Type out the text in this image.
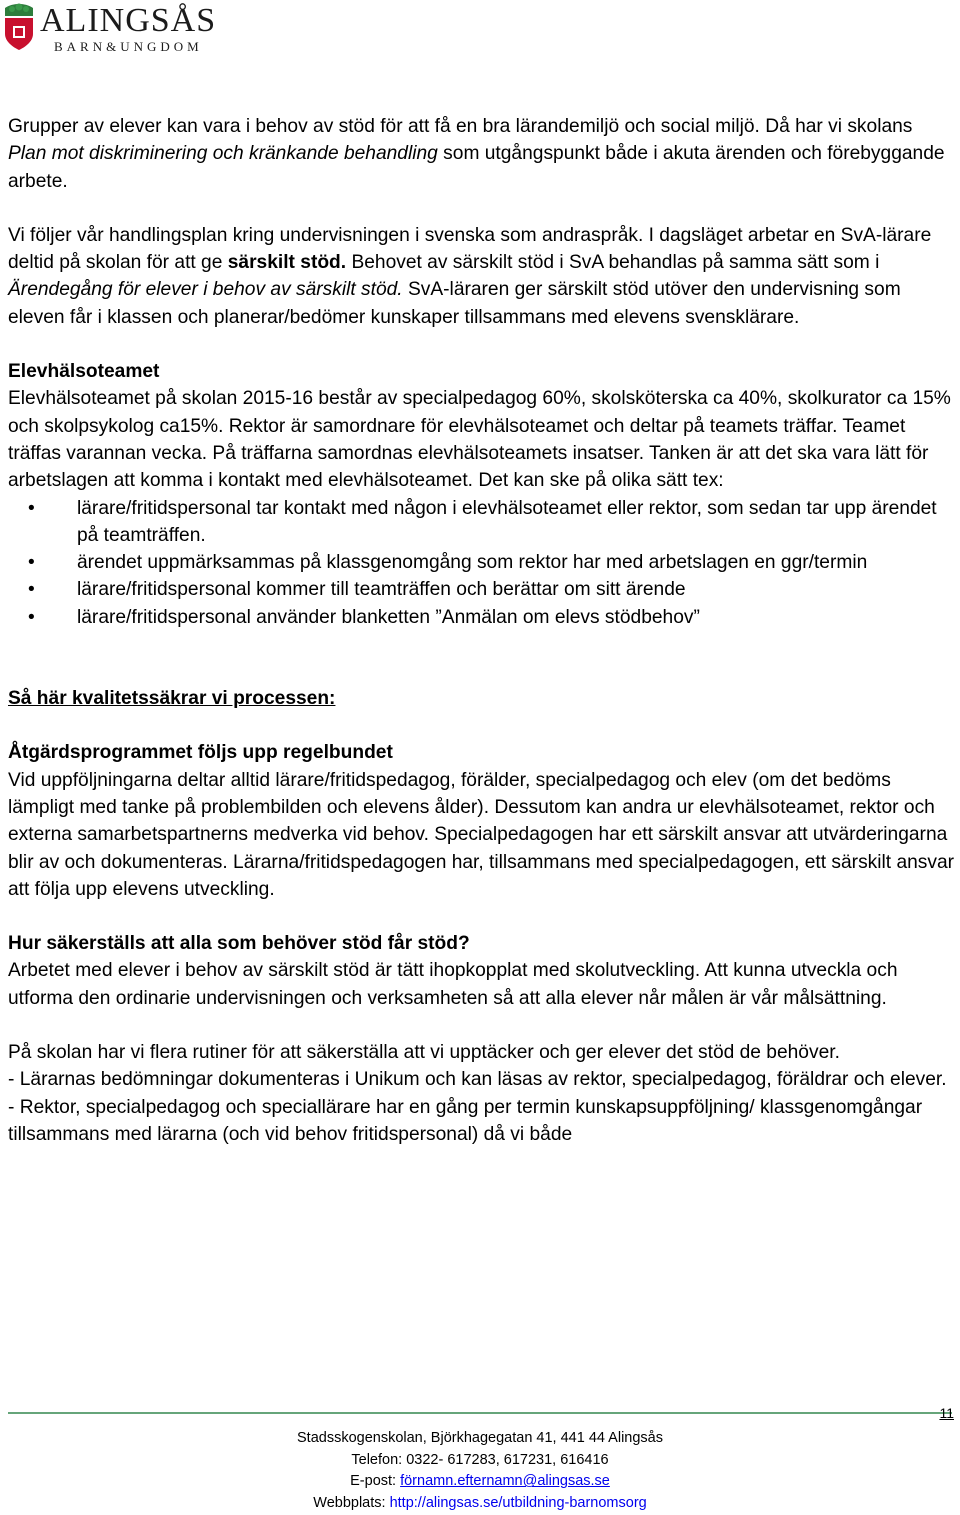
ALINGSÅS
BARN&UNGDOM

Grupper av elever kan vara i behov av stöd för att få en bra lärandemiljö och social miljö. Då har vi skolans Plan mot diskriminering och kränkande behandling som utgångspunkt både i akuta ärenden och förebyggande arbete.

Vi följer vår handlingsplan kring undervisningen i svenska som andraspråk. I dagsläget arbetar en SvA-lärare deltid på skolan för att ge särskilt stöd. Behovet av särskilt stöd i SvA behandlas på samma sätt som i Ärendegång för elever i behov av särskilt stöd. SvA-läraren ger särskilt stöd utöver den undervisning som eleven får i klassen och planerar/bedömer kunskaper tillsammans med elevens svensklärare.

Elevhälsoteamet

Elevhälsoteamet på skolan 2015-16 består av specialpedagog 60%, skolsköterska ca 40%, skolkurator ca 15% och skolpsykolog ca15%. Rektor är samordnare för elevhälsoteamet och deltar på teamets träffar. Teamet träffas varannan vecka. På träffarna samordnas elevhälsoteamets insatser. Tanken är att det ska vara lätt för arbetslagen att komma i kontakt med elevhälsoteamet. Det kan ske på olika sätt tex:

• lärare/fritidspersonal tar kontakt med någon i elevhälsoteamet eller rektor, som sedan tar upp ärendet på teamträffen.
• ärendet uppmärksammas på klassgenomgång som rektor har med arbetslagen en ggr/termin
• lärare/fritidspersonal kommer till teamträffen och berättar om sitt ärende
• lärare/fritidspersonal använder blanketten ”Anmälan om elevs stödbehov”

Så här kvalitetssäkrar vi processen:

Åtgärdsprogrammet följs upp regelbundet

Vid uppföljningarna deltar alltid lärare/fritidspedagog, förälder, specialpedagog och elev (om det bedöms lämpligt med tanke på problembilden och elevens ålder). Dessutom kan andra ur elevhälsoteamet, rektor och externa samarbetspartnerns medverka vid behov. Specialpedagogen har ett särskilt ansvar att utvärderingarna blir av och dokumenteras. Lärarna/fritidspedagogen har, tillsammans med specialpedagogen, ett särskilt ansvar att följa upp elevens utveckling.

Hur säkerställs att alla som behöver stöd får stöd?

Arbetet med elever i behov av särskilt stöd är tätt ihopkopplat med skolutveckling. Att kunna utveckla och utforma den ordinarie undervisningen och verksamheten så att alla elever når målen är vår målsättning.

På skolan har vi flera rutiner för att säkerställa att vi upptäcker och ger elever det stöd de behöver.

- Lärarnas bedömningar dokumenteras i Unikum och kan läsas av rektor, specialpedagog, föräldrar och elever.

- Rektor, specialpedagog och speciallärare har en gång per termin kunskapsuppföljning/ klassgenomgångar tillsammans med lärarna (och vid behov fritidspersonal) då vi både

11
Stadsskogenskolan, Björkhagegatan 41, 441 44 Alingsås
Telefon: 0322- 617283, 617231, 616416
E-post: förnamn.efternamn@alingsas.se
Webbplats: http://alingsas.se/utbildning-barnomsorg
